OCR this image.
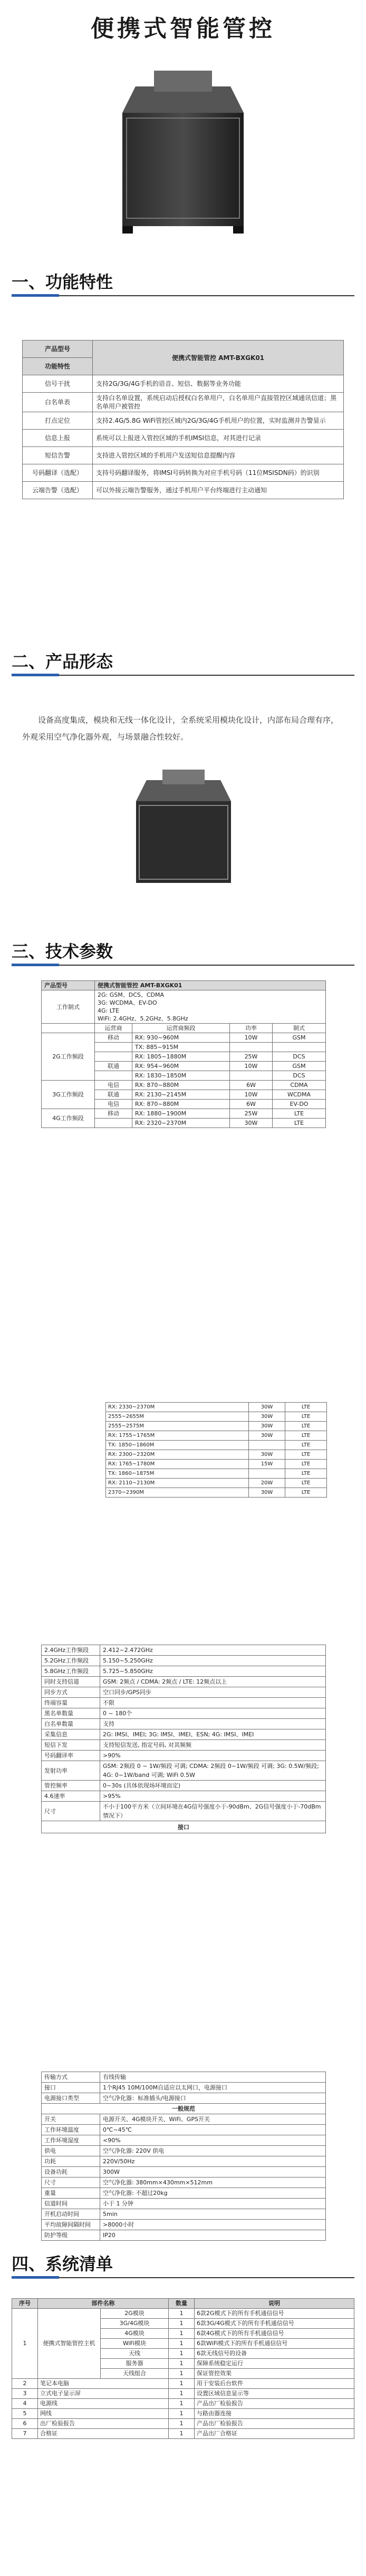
便携式智能管控
一、功能特性
产品型号	便携式智能管控 AMT-BXGK01
功能特性	
信号干扰	支持2G/3G/4G手机的语音、短信、数据等业务功能
白名单表	支持白名单设置，系统启动后授权白名单用户，白名单用户直接管控区域通讯信道；黑名单用户被管控
打点定位	支持2.4G/5.8G WiFi管控区域内2G/3G/4G手机用户的位置，实时监测并告警显示
信息上报	系统可以上报进入管控区域的手机IMSI信息，对其进行记录
短信告警	支持进入管控区域的手机用户发送短信息提醒内容
号码翻译（选配）	支持号码翻译服务，将IMSI号码转换为对应手机号码（11位MSISDN码）的识别
云端告警（选配）	可以外接云端告警服务，通过手机用户平台终端进行主动通知
二、产品形态
设备高度集成，模块和无线一体化设计，全系统采用模块化设计，内部布局合理有序，外观采用空气净化器外观，与场景融合性较好。
三、技术参数
产品型号	便携式智能管控 AMT-BXGK01			
工作制式	2G: GSM、DCS、CDMA
3G: WCDMA、EV-DO
4G: LTE
WiFi: 2.4GHz、5.2GHz、5.8GHz			

	运营商	运营商频段	功率	制式
2G工作频段	移动	RX: 930~960M	10W	GSM
		TX: 885~915M		
		RX: 1805~1880M	25W	DCS
	联通	RX: 954~960M	10W	GSM
		RX: 1830~1850M		DCS
3G工作频段	电信	RX: 870~880M	6W	CDMA
	联通	RX: 2130~2145M	10W	WCDMA
	电信	RX: 870~880M	6W	EV-DO
4G工作频段	移动	RX: 1880~1900M	25W	LTE
		RX: 2320~2370M	30W	LTE
RX: 2330~2370M	30W	LTE
2555~2655M	30W	LTE
2555~2575M	30W	LTE
RX: 1755~1765M	30W	LTE
TX: 1850~1860M		LTE
RX: 2300~2320M	30W	LTE
RX: 1765~1780M	15W	LTE
TX: 1860~1875M		LTE
RX: 2110~2130M	20W	LTE
2370~2390M	30W	LTE
2.4GHz工作频段	2.412~2.472GHz
5.2GHz工作频段	5.150~5.250GHz
5.8GHz工作频段	5.725~5.850GHz
同时支持信道	GSM: 2频点 / CDMA: 2频点 / LTE: 12频点以上
同步方式	空口同步/GPS同步
终端容量	不限
黑名单数量	0 ~ 180个
白名单数量	支持
采集信息	2G: IMSI、IMEI; 3G: IMSI、IMEI、ESN; 4G: IMSI、IMEI
短信下发	支持短信发送, 指定号码, 对其频频
号码翻译率	>90%
发射功率	GSM: 2频段 0 ~ 1W/频段 可调; CDMA: 2频段 0~1W/频段 可调; 3G: 0.5W/频段; 4G: 0~1W/band 可调; WiFi 0.5W
管控频率	0~30s (具体依现场环境而定)
4.6速率	>95%
尺寸	不小于100平方米（立间环境在4G信号强度小于-90dBm、2G信号强度小于-70dBm情况下）
接口	
传输方式	有线传输
接口	1个RJ45 10M/100M自适应以太网口，电源接口
电源接口类型	空气净化器：标准插头/电源接口
一般规范	
开关	电源开关、4G模块开关、WiFi、GPS开关
工作环境温度	0℃~45℃
工作环境湿度	<90%
供电	空气净化器: 220V 供电
功耗	220V/50Hz
设备功耗	300W
尺寸	空气净化器: 380mm×430mm×512mm
重量	空气净化器: 不超过20kg
信道时间	小于 1 分钟
开机启动时间	5min
平均故障间隔时间	>8000小时
防护等级	IP20
四、系统清单
序号	部件名称		数量	说明
1	便携式智能管控主机	2G模块	1	6款2G模式下的所有手机通信信号
		3G/4G模块	1	6款3G/4G模式下的所有手机通信信号
		4G模块	1	6款4G模式下的所有手机通信信号
		WiFi模块	1	6款WiFi模式下的所有手机通信信号
		天线	1	6款无线信号的设备
		服务器	1	保障系统稳定运行
		天线组合	1	保证管控效果
2	笔记本电脑		1	用于安装后台软件
3	立式电子显示屏		1	设置区域信息显示等
4	电源线		1	产品出厂检验报告
5	网线		1	与路由器连接
6	出厂检验报告		1	产品出厂检验报告
7	合格证		1	产品出厂合格证
